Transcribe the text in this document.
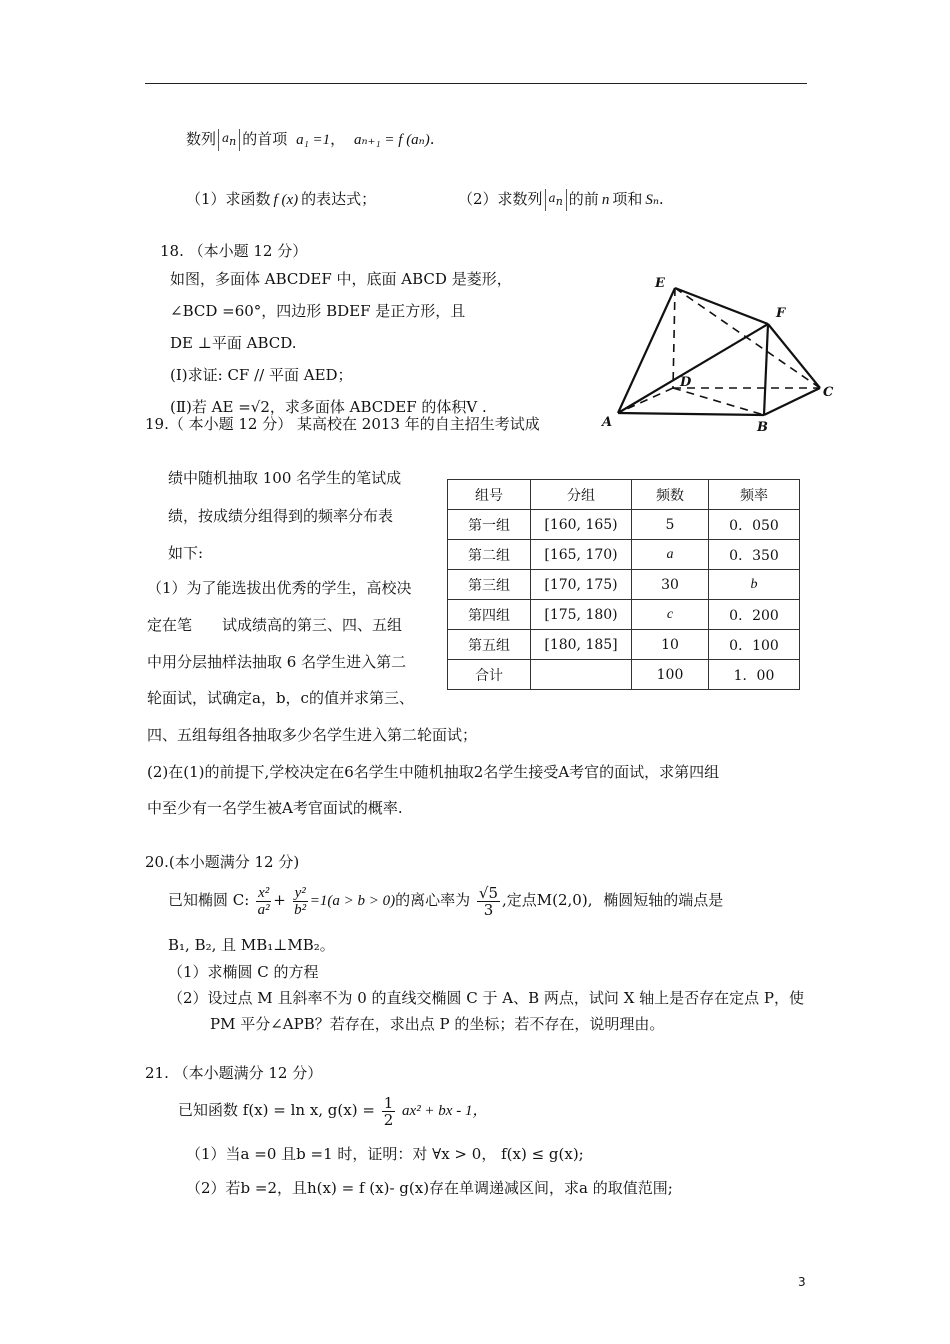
数列 an 的首项 a₁ =1， aₙ₊₁ = f (aₙ).
（1）求函数 f (x) 的表达式；	（2）求数列 an 的前 n 项和 Sₙ.
18. （本小题 12 分）
如图，多面体 ABCDEF 中，底面 ABCD 是菱形，
∠BCD =60°，四边形 BDEF 是正方形，且
DE ⊥平面 ABCD.
(Ⅰ)求证: CF // 平面 AED；
(Ⅱ)若 AE =√2，求多面体 ABCDEF 的体积V .
E
F
D
C
A	B
19.（ 本小题 12 分） 某高校在 2013 年的自主招生考试成
绩中随机抽取 100 名学生的笔试成
绩，按成绩分组得到的频率分布表
如下:
（1）为了能选拔出优秀的学生，高校决
定在笔　　试成绩高的第三、四、五组
中用分层抽样法抽取 6 名学生进入第二
轮面试，试确定a，b，c的值并求第三、
组号	分组	频数	频率
第一组	[160, 165)	5	0．050
第二组	[165, 170)	a	0．350
第三组	[170, 175)	30	b
第四组	[175, 180)	c	0．200
第五组	[180, 185]	10	0．100
合计		100	1．00
四、五组每组各抽取多少名学生进入第二轮面试；
(2)在(1)的前提下,学校决定在6名学生中随机抽取2名学生接受A考官的面试，求第四组
中至少有一名学生被A考官面试的概率.
20.(本小题满分 12 分)
已知椭圆 C: $\frac{\text{x²}}{\text{a²}} + \frac{\text{y²}}{\text{b²}} =1(a > b > 0)$的离心率为 $\frac{√5}{3}$ ,定点M(2,0), 椭圆短轴的端点是
B₁, B₂, 且 MB₁⊥MB₂。
（1）求椭圆 C 的方程
（2）设过点 M 且斜率不为 0 的直线交椭圆 C 于 A、B 两点，试问 X 轴上是否存在定点 P，使
PM 平分∠APB？若存在，求出点 P 的坐标；若不存在，说明理由。
21. （本小题满分 12 分）
已知函数 f(x) = ln x, $g(x) = \frac{1}{2} ax^2$ + bx - 1，
（1）当a =0 且b =1 时，证明：对 ∀x > 0， f(x) ≤ g(x);
（2）若b =2，且h(x) = f (x)- g(x)存在单调递减区间，求a 的取值范围;
3
